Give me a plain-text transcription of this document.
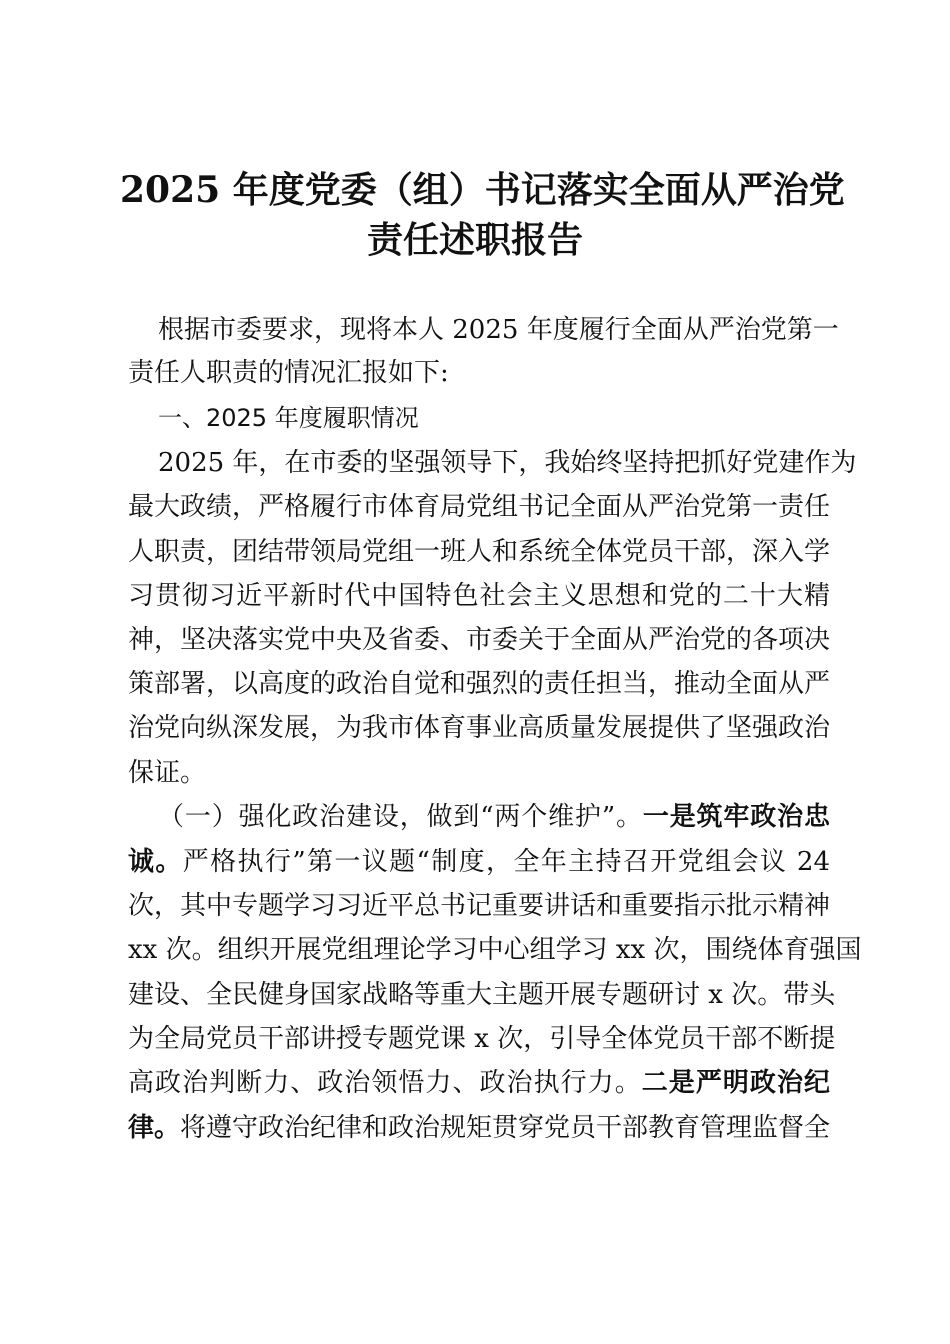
2025 年度党委（组）书记落实全面从严治党
责任述职报告
根据市委要求，现将本人 2025 年度履行全面从严治党第一
责任人职责的情况汇报如下:
一、2025 年度履职情况
2025 年，在市委的坚强领导下，我始终坚持把抓好党建作为
最大政绩，严格履行市体育局党组书记全面从严治党第一责任
人职责，团结带领局党组一班人和系统全体党员干部，深入学
习贯彻习近平新时代中国特色社会主义思想和党的二十大精
神，坚决落实党中央及省委、市委关于全面从严治党的各项决
策部署，以高度的政治自觉和强烈的责任担当，推动全面从严
治党向纵深发展，为我市体育事业高质量发展提供了坚强政治
保证。
（一）强化政治建设，做到“两个维护”。一是筑牢政治忠
诚。严格执行”第一议题“制度，全年主持召开党组会议 24
次，其中专题学习习近平总书记重要讲话和重要指示批示精神
xx 次。组织开展党组理论学习中心组学习 xx 次，围绕体育强国
建设、全民健身国家战略等重大主题开展专题研讨 x 次。带头
为全局党员干部讲授专题党课 x 次，引导全体党员干部不断提
高政治判断力、政治领悟力、政治执行力。二是严明政治纪
律。将遵守政治纪律和政治规矩贯穿党员干部教育管理监督全
